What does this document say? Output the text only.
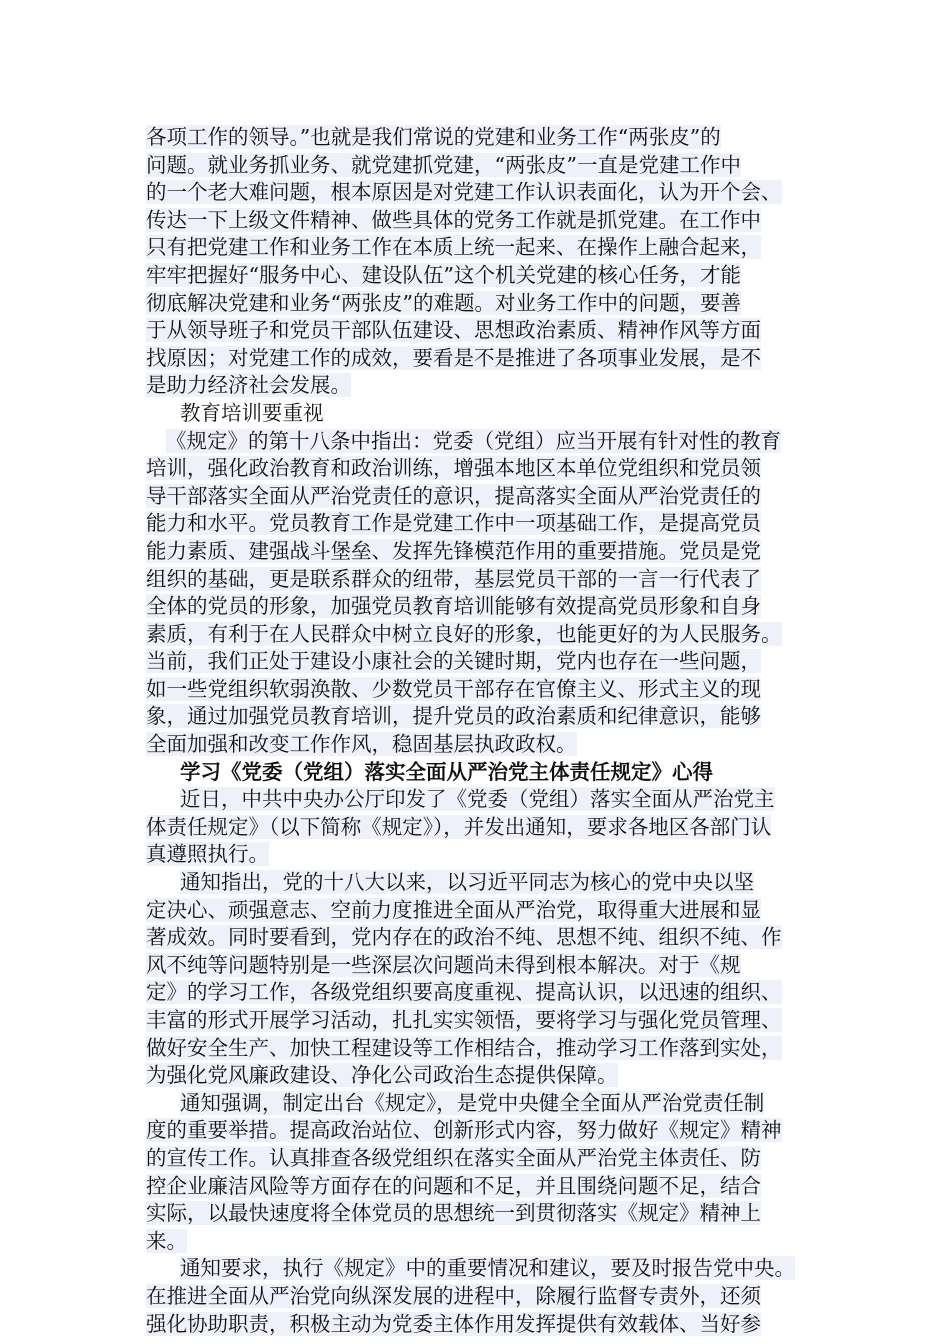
各项工作的领导。”也就是我们常说的党建和业务工作“两张皮”的
问题。就业务抓业务、就党建抓党建，“两张皮”一直是党建工作中
的一个老大难问题，根本原因是对党建工作认识表面化，认为开个会、
传达一下上级文件精神、做些具体的党务工作就是抓党建。在工作中
只有把党建工作和业务工作在本质上统一起来、在操作上融合起来，
牢牢把握好“服务中心、建设队伍”这个机关党建的核心任务，才能
彻底解决党建和业务“两张皮”的难题。对业务工作中的问题，要善
于从领导班子和党员干部队伍建设、思想政治素质、精神作风等方面
找原因；对党建工作的成效，要看是不是推进了各项事业发展，是不
是助力经济社会发展。
教育培训要重视
《规定》的第十八条中指出：党委（党组）应当开展有针对性的教育
培训，强化政治教育和政治训练，增强本地区本单位党组织和党员领
导干部落实全面从严治党责任的意识，提高落实全面从严治党责任的
能力和水平。党员教育工作是党建工作中一项基础工作，是提高党员
能力素质、建强战斗堡垒、发挥先锋模范作用的重要措施。党员是党
组织的基础，更是联系群众的纽带，基层党员干部的一言一行代表了
全体的党员的形象，加强党员教育培训能够有效提高党员形象和自身
素质，有利于在人民群众中树立良好的形象，也能更好的为人民服务。
当前，我们正处于建设小康社会的关键时期，党内也存在一些问题，
如一些党组织软弱涣散、少数党员干部存在官僚主义、形式主义的现
象，通过加强党员教育培训，提升党员的政治素质和纪律意识，能够
全面加强和改变工作作风，稳固基层执政政权。
学习《党委（党组）落实全面从严治党主体责任规定》心得
近日，中共中央办公厅印发了《党委（党组）落实全面从严治党主
体责任规定》（以下简称《规定》），并发出通知，要求各地区各部门认
真遵照执行。
通知指出，党的十八大以来，以习近平同志为核心的党中央以坚
定决心、顽强意志、空前力度推进全面从严治党，取得重大进展和显
著成效。同时要看到，党内存在的政治不纯、思想不纯、组织不纯、作
风不纯等问题特别是一些深层次问题尚未得到根本解决。对于《规
定》的学习工作，各级党组织要高度重视、提高认识，以迅速的组织、
丰富的形式开展学习活动，扎扎实实领悟，要将学习与强化党员管理、
做好安全生产、加快工程建设等工作相结合，推动学习工作落到实处，
为强化党风廉政建设、净化公司政治生态提供保障。
通知强调，制定出台《规定》，是党中央健全全面从严治党责任制
度的重要举措。提高政治站位、创新形式内容，努力做好《规定》精神
的宣传工作。认真排查各级党组织在落实全面从严治党主体责任、防
控企业廉洁风险等方面存在的问题和不足，并且围绕问题不足，结合
实际，以最快速度将全体党员的思想统一到贯彻落实《规定》精神上
来。
通知要求，执行《规定》中的重要情况和建议，要及时报告党中央。
在推进全面从严治党向纵深发展的进程中，除履行监督专责外，还须
强化协助职责，积极主动为党委主体作用发挥提供有效载体、当好参
